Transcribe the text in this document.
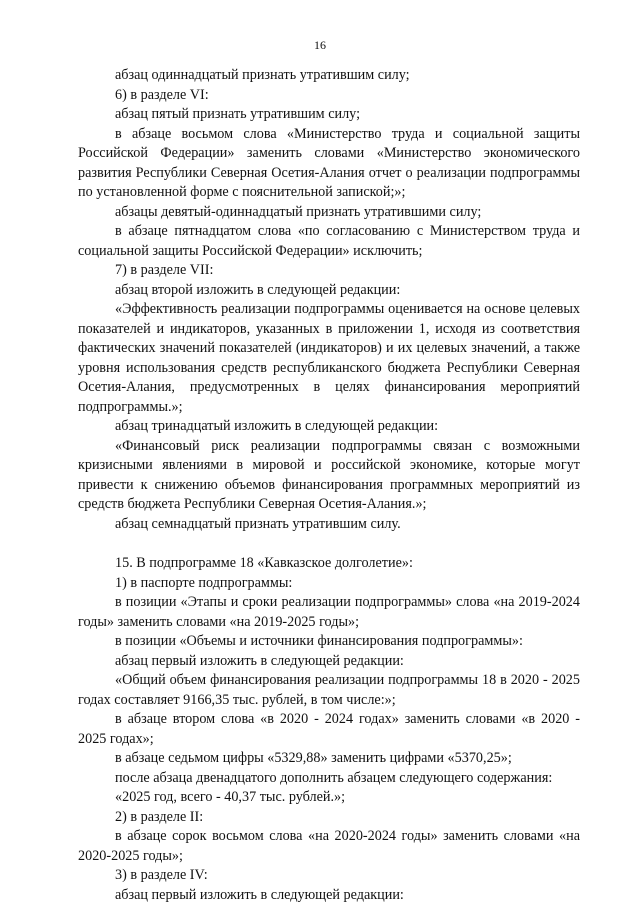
16

абзац одиннадцатый признать утратившим силу;

6) в разделе VI:

абзац пятый признать утратившим силу;

в абзаце восьмом слова «Министерство труда и социальной защиты Российской Федерации» заменить словами «Министерство экономического развития Республики Северная Осетия-Алания отчет о реализации подпрограммы по установленной форме с пояснительной запиской;»;

абзацы девятый-одиннадцатый признать утратившими силу;

в абзаце пятнадцатом слова «по согласованию с Министерством труда и социальной защиты Российской Федерации» исключить;

7) в разделе VII:

абзац второй изложить в следующей редакции:

«Эффективность реализации подпрограммы оценивается на основе целевых показателей и индикаторов, указанных в приложении 1, исходя из соответствия фактических значений показателей (индикаторов) и их целевых значений, а также уровня использования средств республиканского бюджета Республики Северная Осетия-Алания, предусмотренных в целях финансирования мероприятий подпрограммы.»;

абзац тринадцатый изложить в следующей редакции:

«Финансовый риск реализации подпрограммы связан с возможными кризисными явлениями в мировой и российской экономике, которые могут привести к снижению объемов финансирования программных мероприятий из средств бюджета Республики Северная Осетия-Алания.»;

абзац семнадцатый признать утратившим силу.

15. В подпрограмме 18 «Кавказское долголетие»:

1) в паспорте подпрограммы:

в позиции «Этапы и сроки реализации подпрограммы» слова «на 2019-2024 годы» заменить словами «на 2019-2025 годы»;

в позиции «Объемы и источники финансирования подпрограммы»:

абзац первый изложить в следующей редакции:

«Общий объем финансирования реализации подпрограммы 18 в 2020 - 2025 годах составляет 9166,35 тыс. рублей, в том числе:»;

в абзаце втором слова «в 2020 - 2024 годах» заменить словами «в 2020 - 2025 годах»;

в абзаце седьмом цифры «5329,88» заменить цифрами «5370,25»;

после абзаца двенадцатого дополнить абзацем следующего содержания:

«2025 год, всего - 40,37 тыс. рублей.»;

2) в разделе II:

в абзаце сорок восьмом слова «на 2020-2024 годы» заменить словами «на 2020-2025 годы»;

3) в разделе IV:

абзац первый изложить в следующей редакции:
